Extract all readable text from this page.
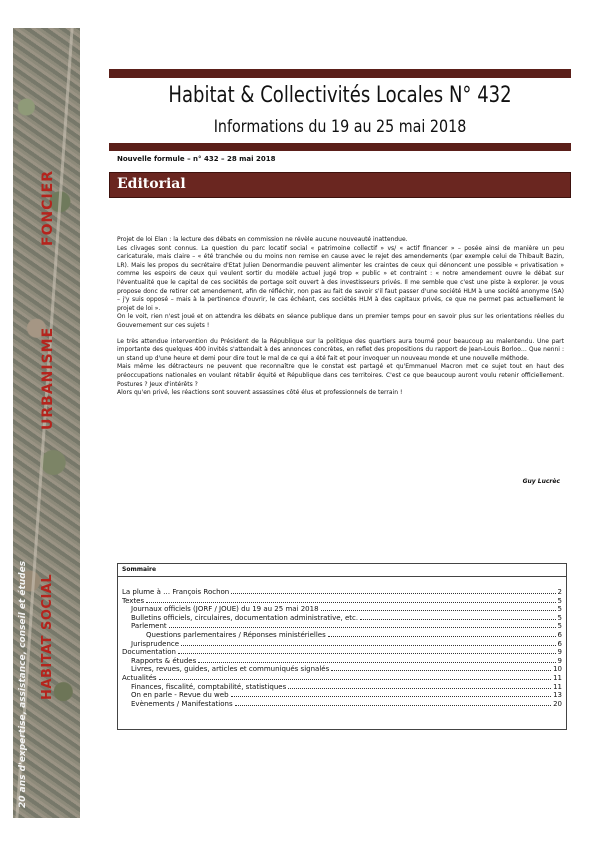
FONCIER
URBANISME
HABITAT SOCIAL
20 ans d'expertise, assistance, conseil et études
Habitat & Collectivités Locales N° 432
Informations du 19 au 25 mai 2018
Nouvelle formule – n° 432 – 28 mai 2018
Editorial

Projet de loi Elan : la lecture des débats en commission ne révèle aucune nouveauté inattendue.

Les clivages sont connus. La question du parc locatif social « patrimoine collectif » vs/ « actif financer » – posée ainsi de manière un peu caricaturale, mais claire – « été tranchée ou du moins non remise en cause avec le rejet des amendements (par exemple celui de Thibault Bazin, LR). Mais les propos du secrétaire d'Etat Julien Denormandie peuvent alimenter les craintes de ceux qui dénoncent une possible « privatisation » comme les espoirs de ceux qui veulent sortir du modèle actuel jugé trop « public » et contraint : « notre amendement ouvre le débat sur l'éventualité que le capital de ces sociétés de portage soit ouvert à des investisseurs privés. Il me semble que c'est une piste à explorer. Je vous propose donc de retirer cet amendement, afin de réfléchir, non pas au fait de savoir s'il faut passer d'une société HLM à une société anonyme (SA) – j'y suis opposé – mais à la pertinence d'ouvrir, le cas échéant, ces sociétés HLM à des capitaux privés, ce que ne permet pas actuellement le projet de loi ».

On le voit, rien n'est joué et on attendra les débats en séance publique dans un premier temps pour en savoir plus sur les orientations réelles du Gouvernement sur ces sujets !

Le très attendue intervention du Président de la République sur la politique des quartiers aura tourné pour beaucoup au malentendu. Une part importante des quelques 400 invités s'attendait à des annonces concrètes, en reflet des propositions du rapport de Jean-Louis Borloo… Que nenni : un stand up d'une heure et demi pour dire tout le mal de ce qui a été fait et pour invoquer un nouveau monde et une nouvelle méthode.

Mais même les détracteurs ne peuvent que reconnaître que le constat est partagé et qu'Emmanuel Macron met ce sujet tout en haut des préoccupations nationales en voulant rétablir équité et République dans ces territoires. C'est ce que beaucoup auront voulu retenir officiellement. Postures ? Jeux d'intérêts ?

Alors qu'en privé, les réactions sont souvent assassines côté élus et professionnels de terrain !

Guy Lucrèc
Sommaire
La plume à … François Rochon	2
Textes	5
Journaux officiels (JORF / JOUE) du 19 au 25 mai 2018	5
Bulletins officiels, circulaires, documentation administrative, etc.	5
Parlement	5
Questions parlementaires / Réponses ministérielles	6
Jurisprudence	6
Documentation	9
Rapports & études	9
Livres, revues, guides, articles et communiqués signalés	10
Actualités	11
Finances, fiscalité, comptabilité, statistiques	11
On en parle - Revue du web	13
Evènements / Manifestations	20
